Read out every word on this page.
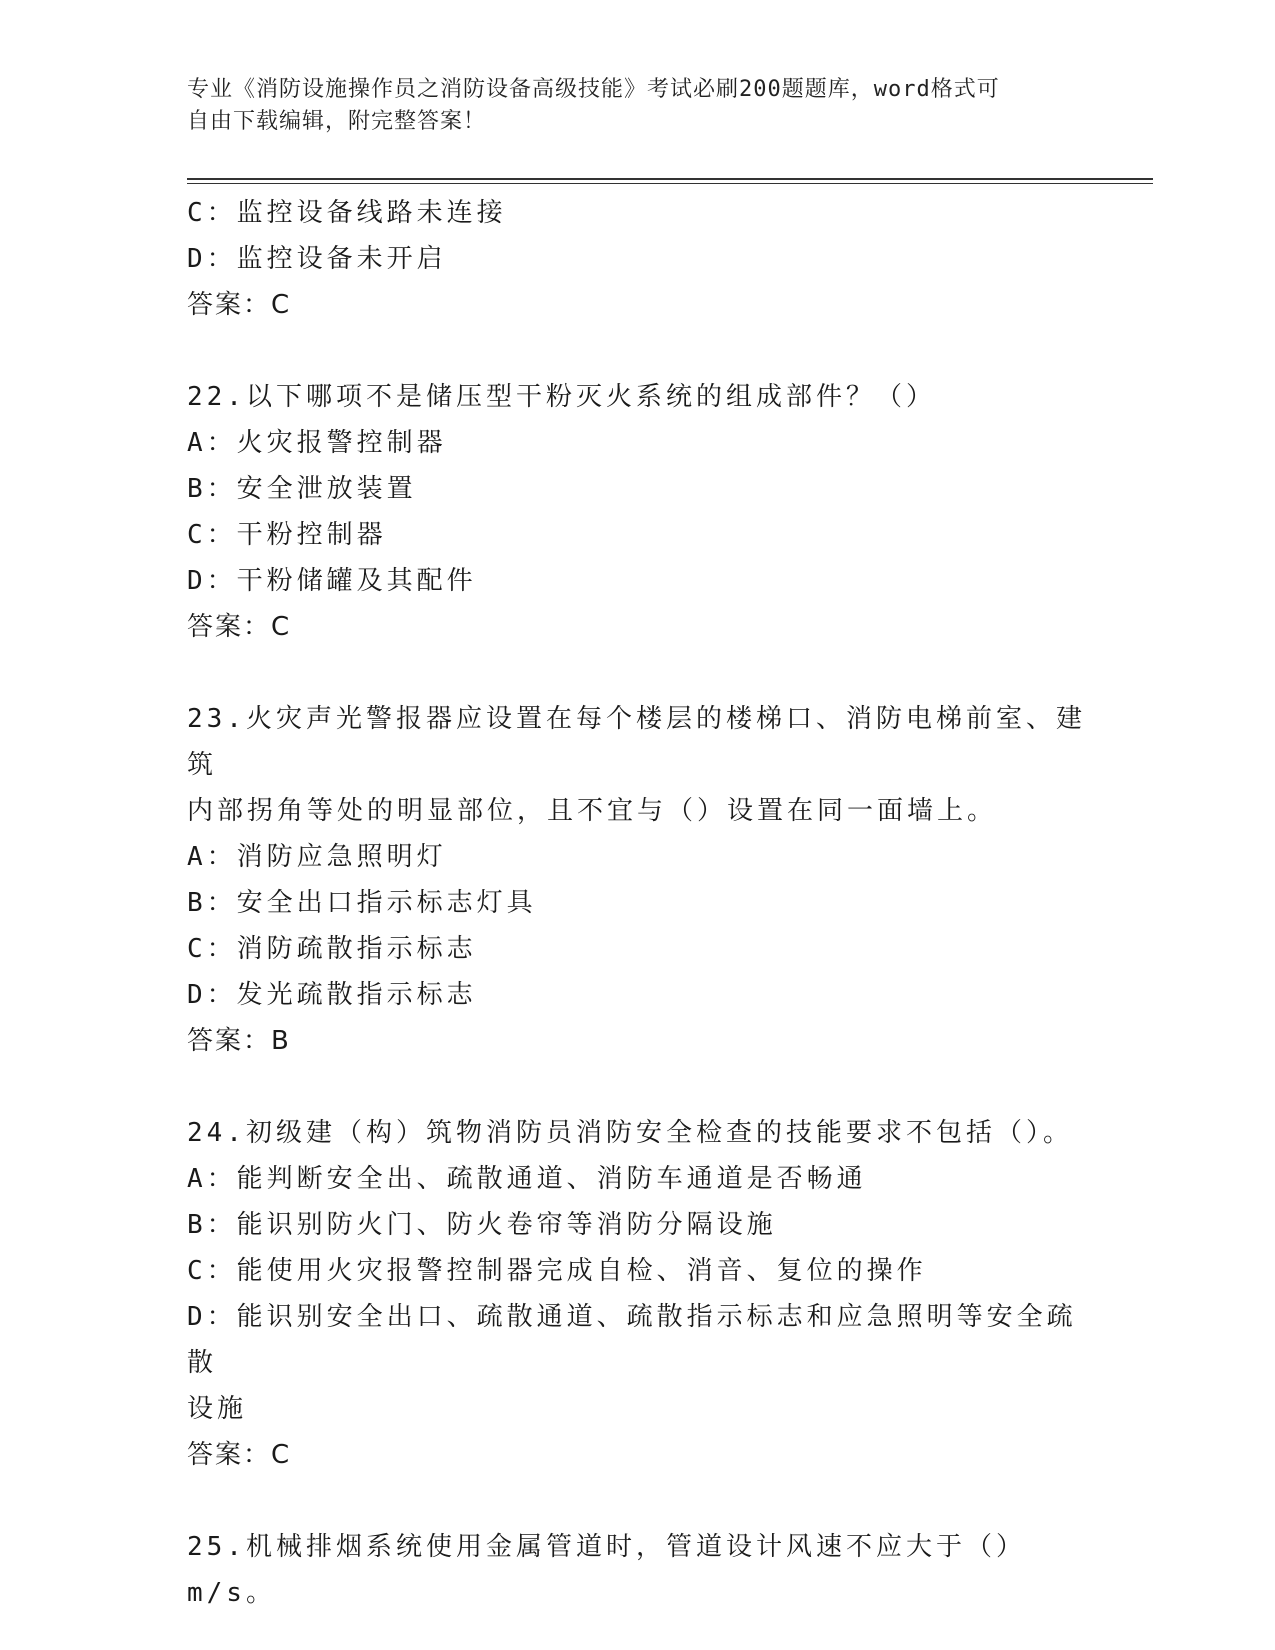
专业《消防设施操作员之消防设备高级技能》考试必刷200题题库，word格式可
自由下载编辑，附完整答案！
C：监控设备线路未连接
D：监控设备未开启
答案：C
22.以下哪项不是储压型干粉灭火系统的组成部件？（）
A：火灾报警控制器
B：安全泄放装置
C：干粉控制器
D：干粉储罐及其配件
答案：C
23.火灾声光警报器应设置在每个楼层的楼梯口、消防电梯前室、建筑
内部拐角等处的明显部位，且不宜与（）设置在同一面墙上。
A：消防应急照明灯
B：安全出口指示标志灯具
C：消防疏散指示标志
D：发光疏散指示标志
答案：B
24.初级建（构）筑物消防员消防安全检查的技能要求不包括（）。
A：能判断安全出、疏散通道、消防车通道是否畅通
B：能识别防火门、防火卷帘等消防分隔设施
C：能使用火灾报警控制器完成自检、消音、复位的操作
D：能识别安全出口、疏散通道、疏散指示标志和应急照明等安全疏散
设施
答案：C
25.机械排烟系统使用金属管道时，管道设计风速不应大于（）m/s。
